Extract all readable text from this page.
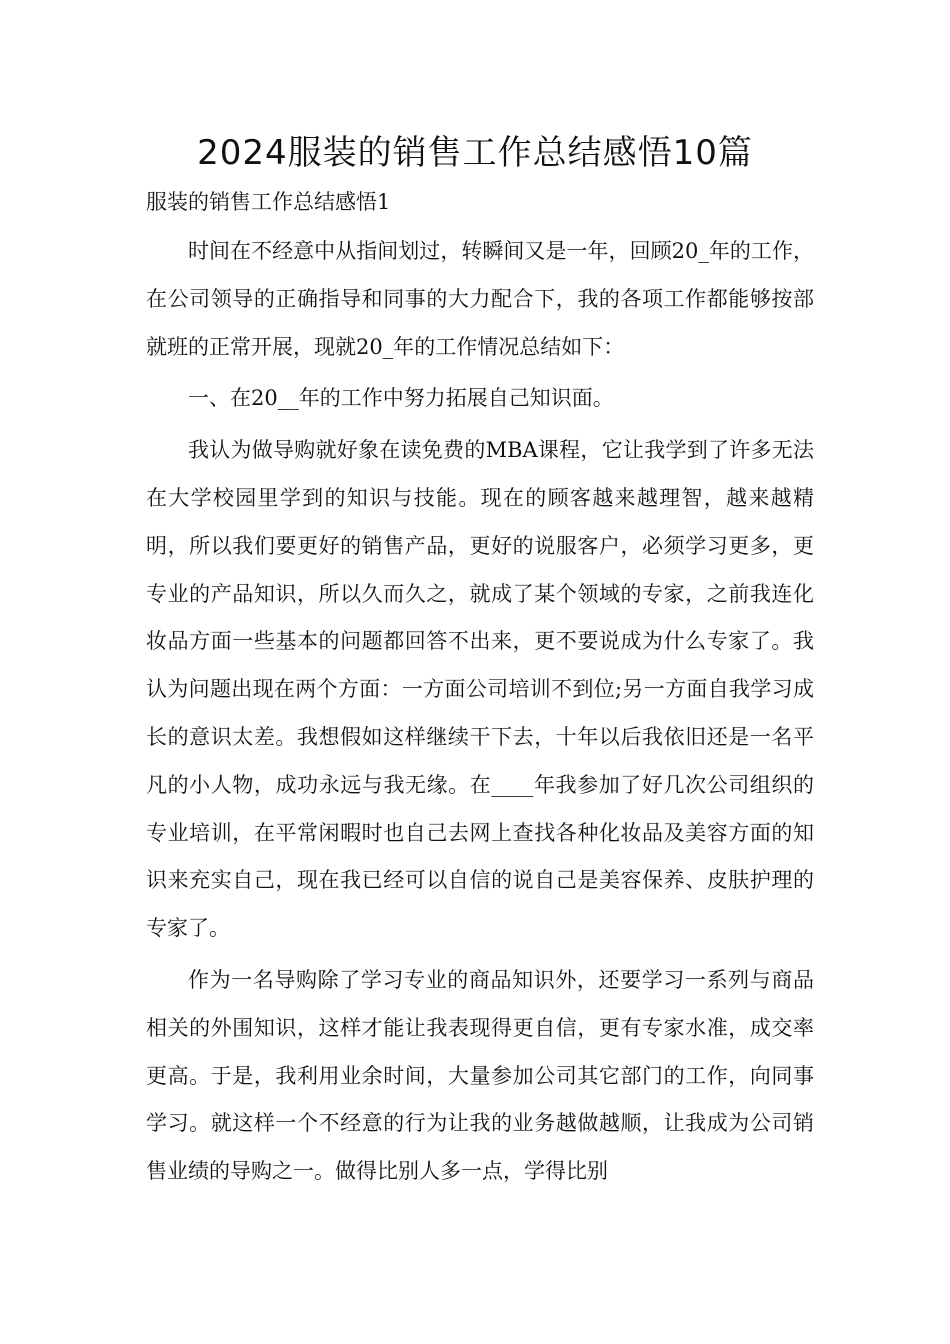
2024服装的销售工作总结感悟10篇
服装的销售工作总结感悟1

时间在不经意中从指间划过，转瞬间又是一年，回顾20_年的工作，在公司领导的正确指导和同事的大力配合下，我的各项工作都能够按部就班的正常开展，现就20_年的工作情况总结如下：

一、在20__年的工作中努力拓展自己知识面。

我认为做导购就好象在读免费的MBA课程，它让我学到了许多无法在大学校园里学到的知识与技能。现在的顾客越来越理智，越来越精明，所以我们要更好的销售产品，更好的说服客户，必须学习更多，更专业的产品知识，所以久而久之，就成了某个领域的专家，之前我连化妆品方面一些基本的问题都回答不出来，更不要说成为什么专家了。我认为问题出现在两个方面：一方面公司培训不到位;另一方面自我学习成长的意识太差。我想假如这样继续干下去，十年以后我依旧还是一名平凡的小人物，成功永远与我无缘。在____年我参加了好几次公司组织的专业培训，在平常闲暇时也自己去网上查找各种化妆品及美容方面的知识来充实自己，现在我已经可以自信的说自己是美容保养、皮肤护理的专家了。

作为一名导购除了学习专业的商品知识外，还要学习一系列与商品相关的外围知识，这样才能让我表现得更自信，更有专家水准，成交率更高。于是，我利用业余时间，大量参加公司其它部门的工作，向同事学习。就这样一个不经意的行为让我的业务越做越顺，让我成为公司销售业绩的导购之一。做得比别人多一点，学得比别
